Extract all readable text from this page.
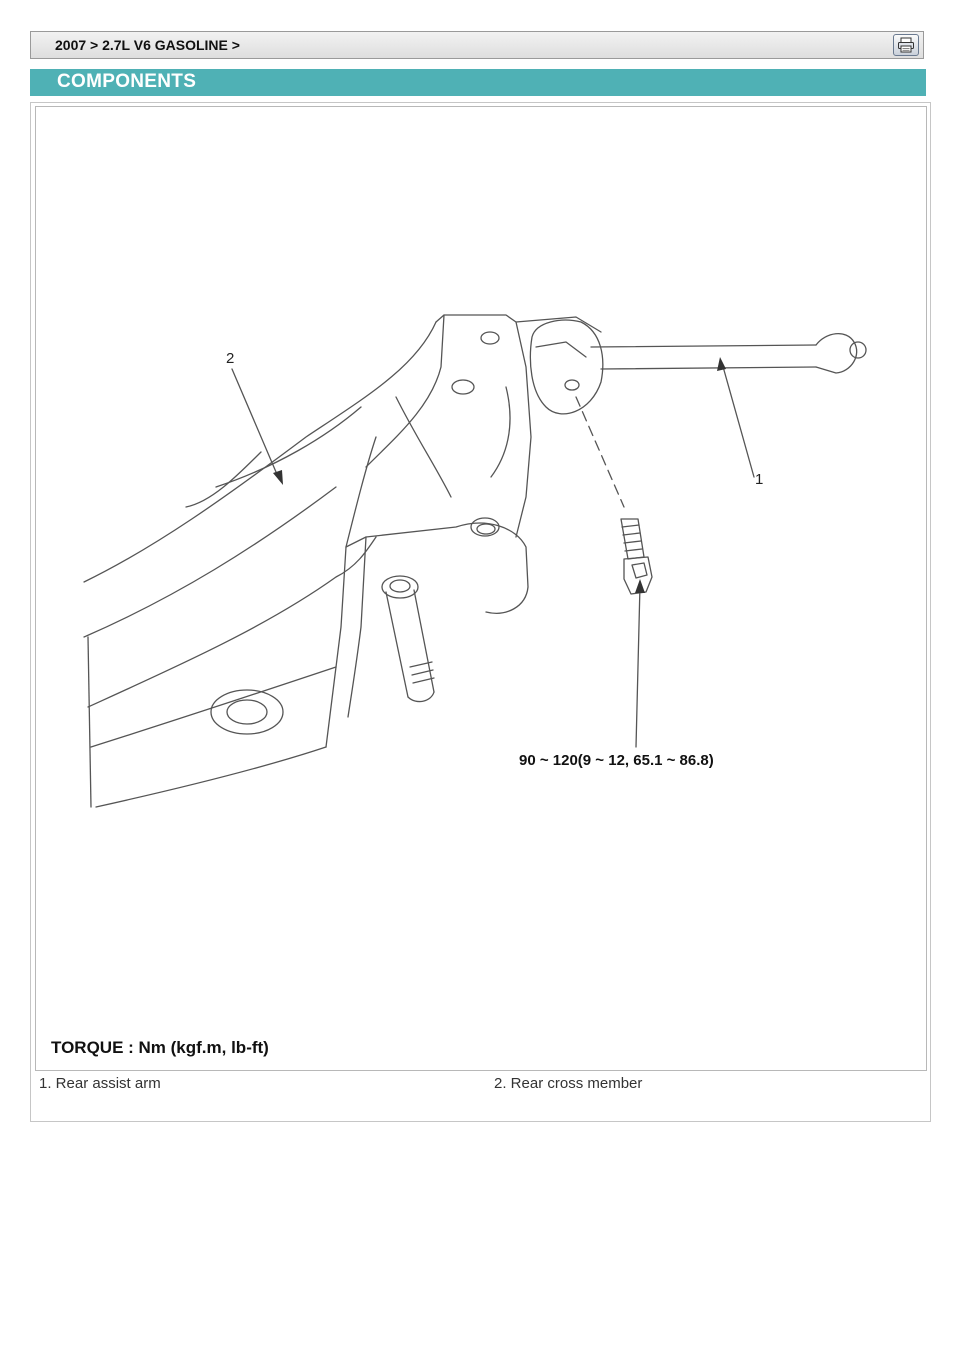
2007 > 2.7L V6 GASOLINE >
COMPONENTS
2
1
90 ~ 120(9 ~ 12, 65.1 ~ 86.8)
TORQUE : Nm (kgf.m, lb-ft)
1. Rear assist arm	2. Rear cross member
